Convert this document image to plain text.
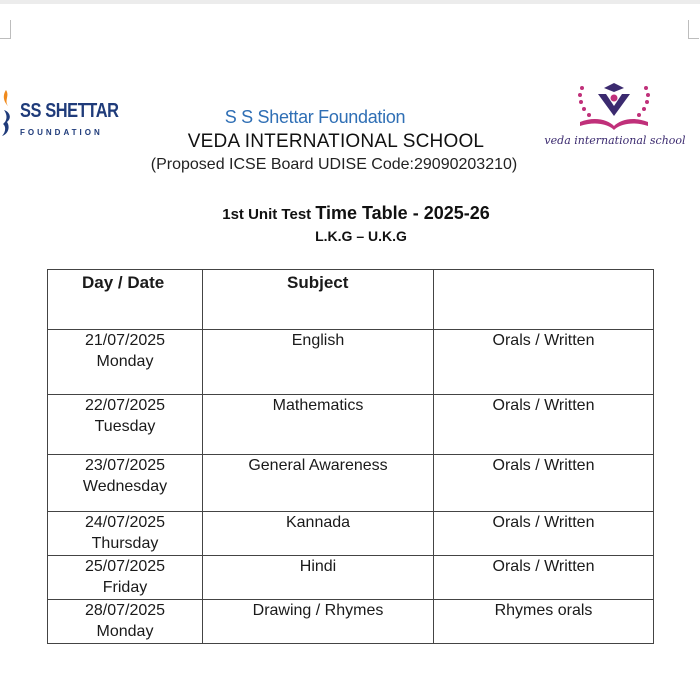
SS SHETTAR
FOUNDATION
veda international school
S S Shettar Foundation
VEDA INTERNATIONAL SCHOOL
(Proposed ICSE Board UDISE Code:29090203210)
1st Unit Test Time Table - 2025-26
L.K.G – U.K.G
Day / Date	Subject	

21/07/2025
Monday	English	Orals / Written

22/07/2025
Tuesday	Mathematics	Orals / Written

23/07/2025
Wednesday	General Awareness	Orals / Written

24/07/2025
Thursday	Kannada	Orals / Written

25/07/2025
Friday	Hindi	Orals / Written

28/07/2025
Monday	Drawing / Rhymes	Rhymes orals
